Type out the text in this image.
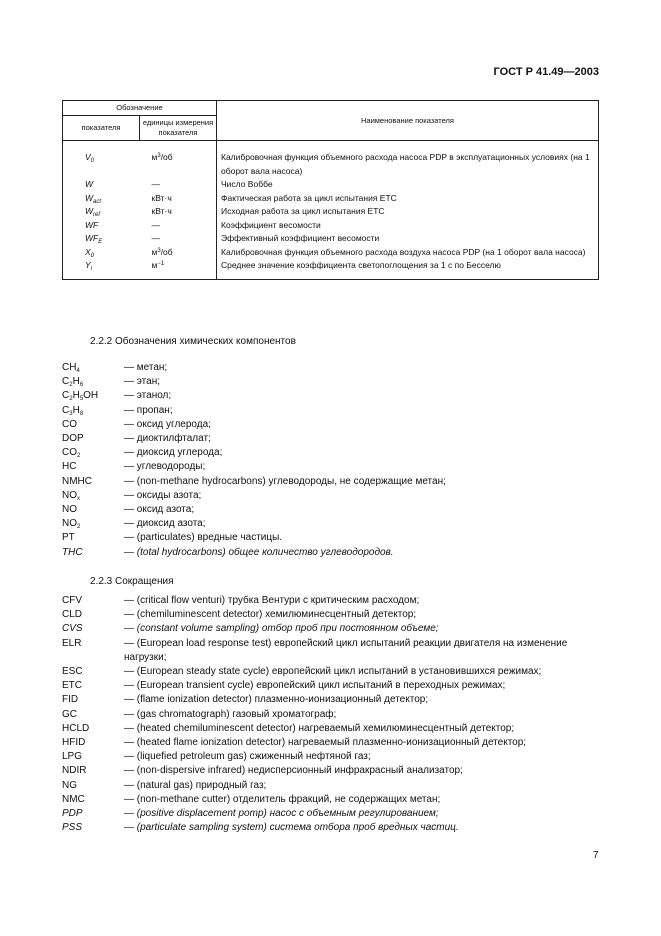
ГОСТ Р 41.49—2003
Обозначение		Наименование показателя
показателя	единицы измерения показателя	
$V_0$	$м^3/об$	Калибровочная функция объемного расхода насоса PDP в эксплуатационных условиях (на 1 оборот вала насоса)
W	—	Число Воббе
$W_{act}$	кВт·ч	Фактическая работа за цикл испытания ETC
$W_{ref}$	кВт·ч	Исходная работа за цикл испытания ETC
WF	—	Коэффициент весомости
$WF_E$	—	Эффективный коэффициент весомости
$X_0$	$м^3/об$	Калибровочная функция объемного расхода воздуха насоса PDP (на 1 оборот вала насоса)
$Y_i$	$м^{-1}$	Среднее значение коэффициента светопоглощения за 1 с по Бесселю
2.2.2 Обозначения химических компонентов
$CH_4$	— метан;
$C_2H_6$	— этан;
$C_2H_5OH$	— этанол;
$C_3H_8$	— пропан;
CO	— оксид углерода;
DOP	— диоктилфталат;
$CO_2$	— диоксид углерода;
HC	— углеводороды;
NMHC	— (non-methane hydrocarbons) углеводороды, не содержащие метан;
$NO_x$	— оксиды азота;
NO	— оксид азота;
$NO_2$	— диоксид азота;
PT	— (particulates) вредные частицы.
THC	— (total hydrocarbons) общее количество углеводородов.
2.2.3 Сокращения
CFV	— (critical flow venturi) трубка Вентури с критическим расходом;
CLD	— (chemiluminescent detector) хемилюминесцентный детектор;
CVS	— (constant volume sampling) отбор проб при постоянном объеме;
ELR	— (European load response test) европейский цикл испытаний реакции двигателя на изменение нагрузки;
ESC	— (European steady state cycle) европейский цикл испытаний в установившихся режимах;
ETC	— (European transient cycle) европейский цикл испытаний в переходных режимах;
FID	— (flame ionization detector) плазменно-ионизационный детектор;
GC	— (gas chromatograph) газовый хроматограф;
HCLD	— (heated chemiluminescent detector) нагреваемый хемилюминесцентный детектор;
HFID	— (heated flame ionization detector) нагреваемый плазменно-ионизационный детектор;
LPG	— (liquefied petroleum gas) сжиженный нефтяной газ;
NDIR	— (non-dispersive infrared) недисперсионный инфракрасный анализатор;
NG	— (natural gas) природный газ;
NMC	— (non-methane cutter) отделитель фракций, не содержащих метан;
PDP	— (positive displacement pomp) насос с объемным регулированием;
PSS	— (particulate sampling system) система отбора проб вредных частиц.
7
